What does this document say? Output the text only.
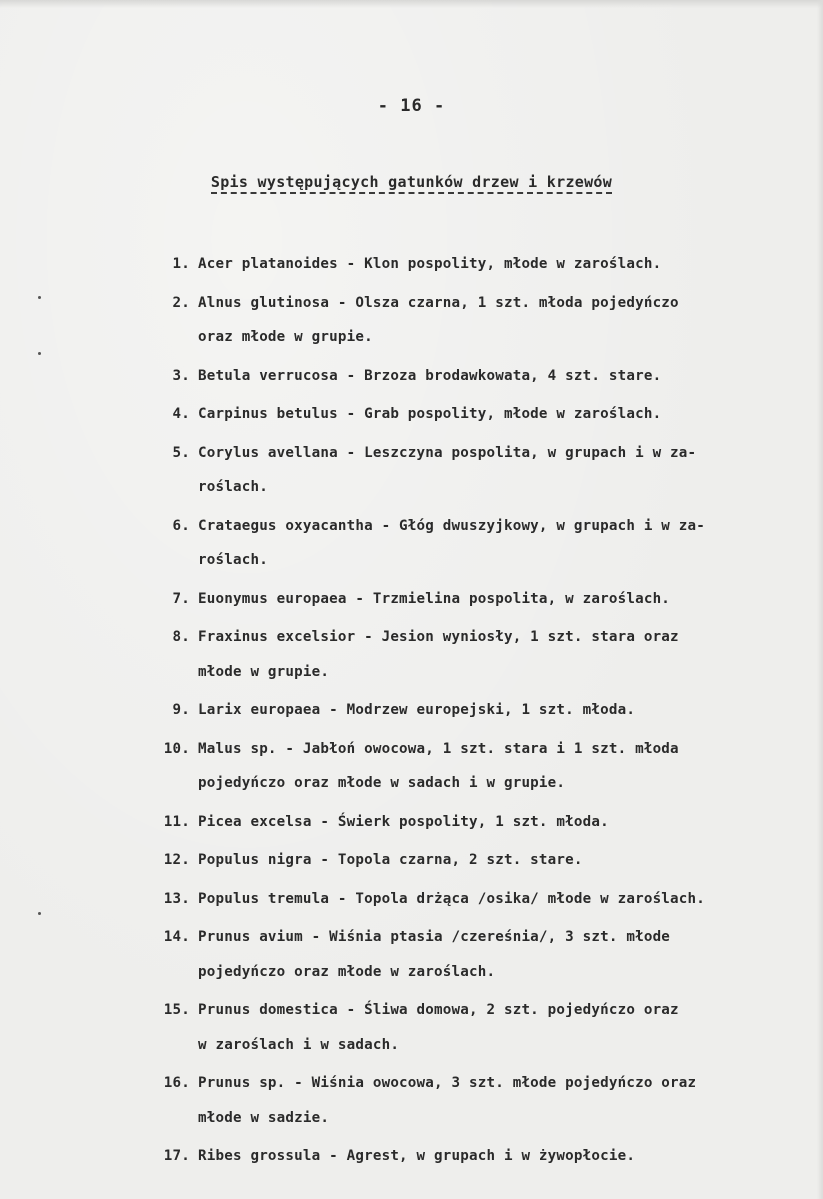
- 16 -
Spis występujących gatunków drzew i krzewów
1. Acer platanoides - Klon pospolity, młode w zaroślach.
2. Alnus glutinosa - Olsza czarna, 1 szt. młoda pojedyńczo
oraz młode w grupie.
3. Betula verrucosa - Brzoza brodawkowata, 4 szt. stare.
4. Carpinus betulus - Grab pospolity, młode w zaroślach.
5. Corylus avellana - Leszczyna pospolita, w grupach i w za-
roślach.
6. Crataegus oxyacantha - Głóg dwuszyjkowy, w grupach i w za-
roślach.
7. Euonymus europaea - Trzmielina pospolita, w zaroślach.
8. Fraxinus excelsior - Jesion wyniosły, 1 szt. stara oraz
młode w grupie.
9. Larix europaea - Modrzew europejski, 1 szt. młoda.
10. Malus sp. - Jabłoń owocowa, 1 szt. stara i 1 szt. młoda
pojedyńczo oraz młode w sadach i w grupie.
11. Picea excelsa - Świerk pospolity, 1 szt. młoda.
12. Populus nigra - Topola czarna, 2 szt. stare.
13. Populus tremula - Topola drżąca /osika/ młode w zaroślach.
14. Prunus avium - Wiśnia ptasia /czereśnia/, 3 szt. młode
pojedyńczo oraz młode w zaroślach.
15. Prunus domestica - Śliwa domowa, 2 szt. pojedyńczo oraz
w zaroślach i w sadach.
16. Prunus sp. - Wiśnia owocowa, 3 szt. młode pojedyńczo oraz
młode w sadzie.
17. Ribes grossula - Agrest, w grupach i w żywopłocie.
